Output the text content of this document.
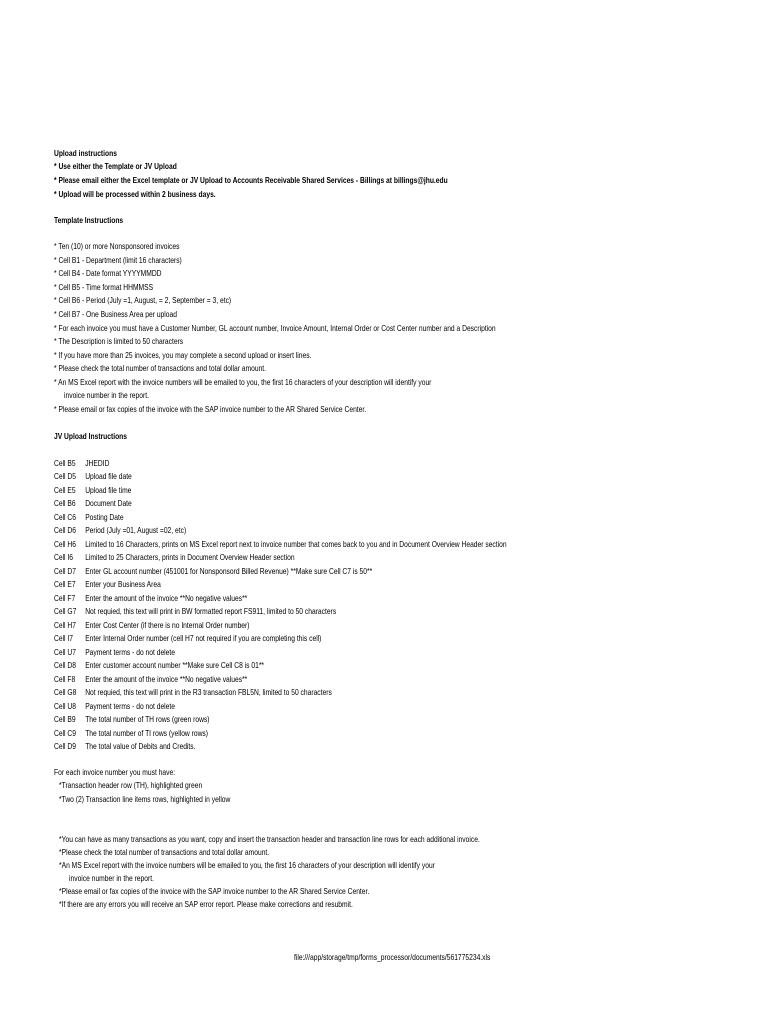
Upload instructions
* Use either the Template or JV Upload
* Please email either the Excel template or JV Upload to Accounts Receivable Shared Services - Billings at billings@jhu.edu
* Upload will be processed within 2 business days.
Template Instructions
* Ten (10) or more Nonsponsored invoices
* Cell B1 - Department (limit 16 characters)
* Cell B4 - Date format YYYYMMDD
* Cell B5 - Time format HHMMSS
* Cell B6 - Period (July =1, August, = 2, September = 3, etc)
* Cell B7 - One Business Area per upload
* For each invoice you must have a Customer Number, GL account number, Invoice Amount, Internal Order or Cost Center number and a Description
* The Description is limited to 50 characters
* If you have more than 25 invoices, you may complete a second upload or insert lines.
* Please check the total number of transactions and total dollar amount.
* An MS Excel report with the invoice numbers will be emailed to you, the first 16 characters of your description will identify your
invoice number in the report.
* Please email or fax copies of the invoice with the SAP invoice number to the AR Shared Service Center.
JV Upload Instructions
Cell B5 JHEDID
Cell D5 Upload file date
Cell E5 Upload file time
Cell B6 Document Date
Cell C6 Posting Date
Cell D6 Period (July =01, August =02, etc)
Cell H6 Limited to 16 Characters, prints on MS Excel report next to invoice number that comes back to you and in Document Overview Header section
Cell I6 Limited to 25 Characters, prints in Document Overview Header section
Cell D7 Enter GL account number (451001 for Nonsponsord Billed Revenue) **Make sure Cell C7 is 50**
Cell E7 Enter your Business Area
Cell F7 Enter the amount of the invoice **No negative values**
Cell G7 Not requied, this text will print in BW formatted report FS911, limited to 50 characters
Cell H7 Enter Cost Center (if there is no Internal Order number)
Cell I7 Enter Internal Order number (cell H7 not required if you are completing this cell)
Cell U7 Payment terms - do not delete
Cell D8 Enter customer account number **Make sure Cell C8 is 01**
Cell F8 Enter the amount of the invoice **No negative values**
Cell G8 Not requied, this text will print in the R3 transaction FBL5N, limited to 50 characters
Cell U8 Payment terms - do not delete
Cell B9 The total number of TH rows (green rows)
Cell C9 The total number of TI rows (yellow rows)
Cell D9 The total value of Debits and Credits.
For each invoice number you must have:
*Transaction header row (TH), highlighted green
*Two (2) Transaction line items rows, highlighted in yellow
*You can have as many transactions as you want, copy and insert the transaction header and transaction line rows for each additional invoice.
*Please check the total number of transactions and total dollar amount.
*An MS Excel report with the invoice numbers will be emailed to you, the first 16 characters of your description will identify your
invoice number in the report.
*Please email or fax copies of the invoice with the SAP invoice number to the AR Shared Service Center.
*If there are any errors you will receive an SAP error report. Please make corrections and resubmit.
file:///app/storage/tmp/forms_processor/documents/561775234.xls
